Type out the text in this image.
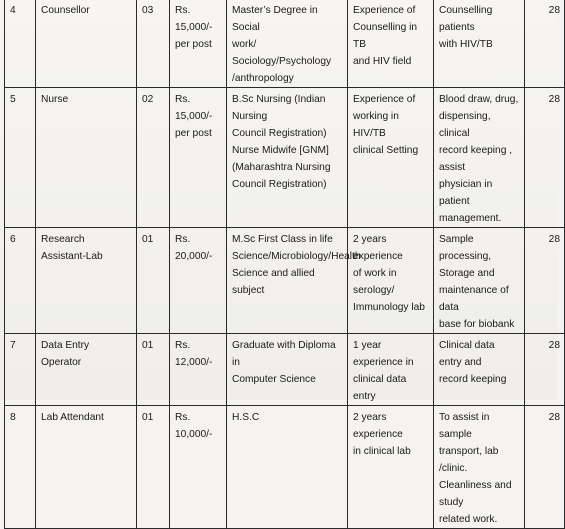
4	Counsellor	03	Rs. 15,000/-
per post	Master’s Degree in Social
work/ Sociology/Psychology
/anthropology	Experience of
Counselling in TB
and HIV field	Counselling patients
with HIV/TB	28
5	Nurse	02	Rs. 15,000/-
per post	B.Sc Nursing (Indian Nursing
Council Registration)
Nurse Midwife [GNM]
(Maharashtra Nursing
Council Registration)	Experience of
working in HIV/TB
clinical Setting	Blood draw, drug,
dispensing, clinical
record keeping , assist
physician in patient
management.	28
6	Research Assistant-Lab	01	Rs. 20,000/-	M.Sc First Class in life
Science/Microbiology/Health
Science and allied subject	2 years experience
of work in serology/
Immunology lab	Sample processing,
Storage and
maintenance of data
base for biobank	28
7	Data Entry Operator	01	Rs. 12,000/-	Graduate with Diploma in
Computer Science	1 year experience in
clinical data entry	Clinical data entry and
record keeping	28
8	Lab Attendant	01	Rs. 10,000/-	H.S.C	2 years experience
in clinical lab	To assist in sample
transport, lab /clinic.
Cleanliness and study
related work.	28
